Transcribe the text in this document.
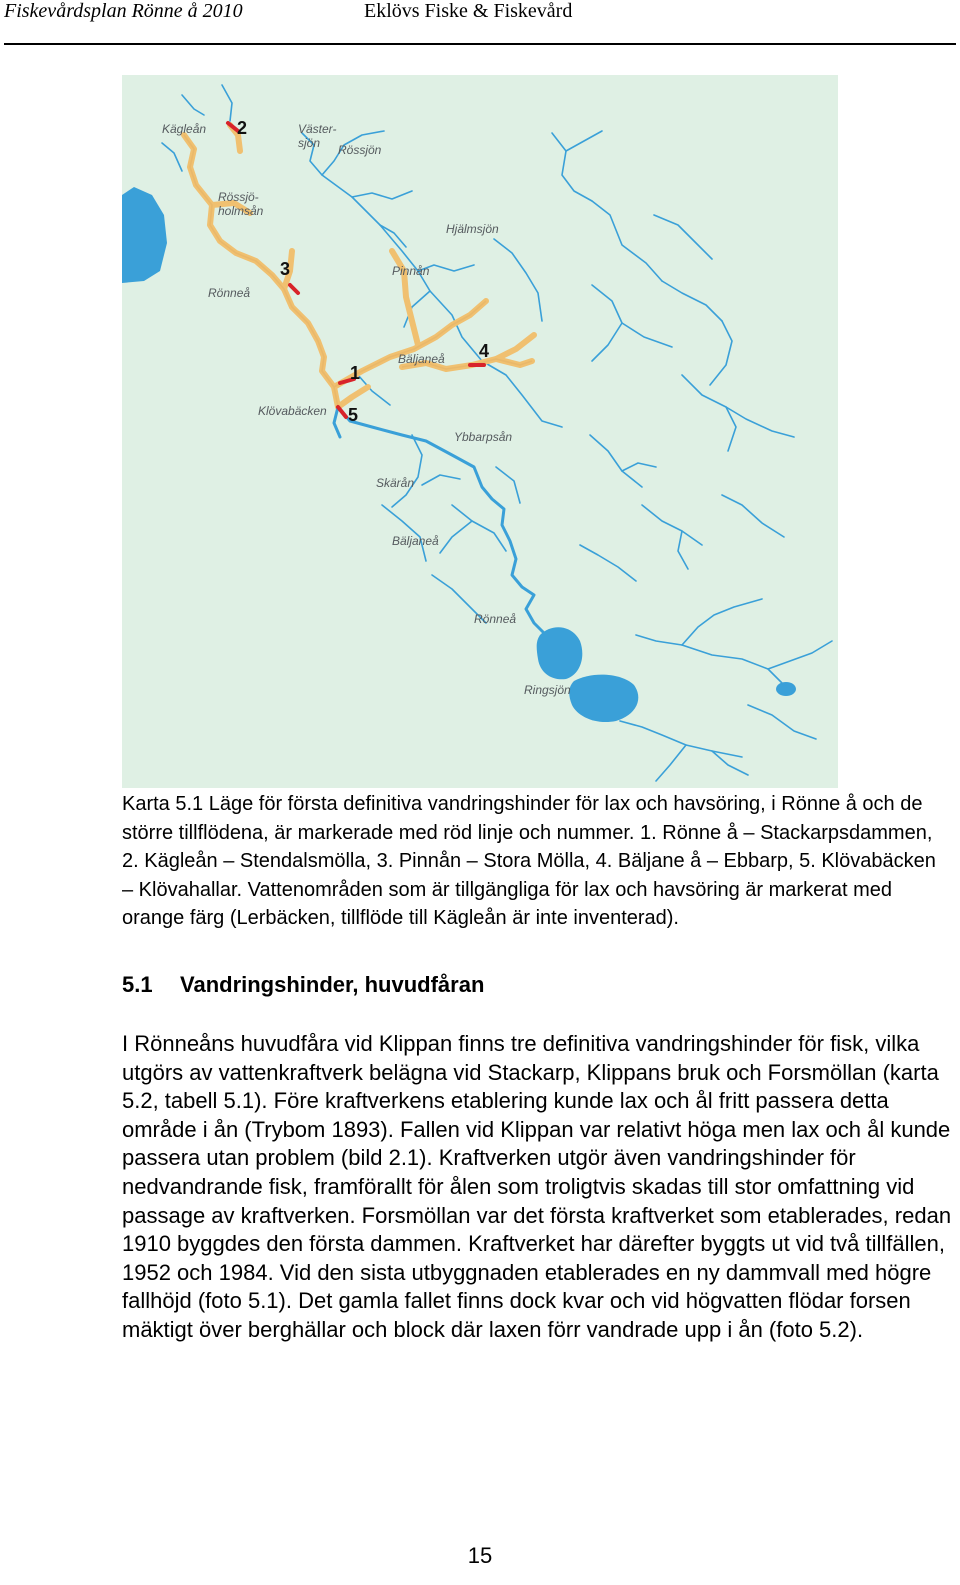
Fiskevårdsplan Rönne å 2010	Eklövs Fiske & Fiskevård
1
2
3
4
5
Kägleån	Väster-
sjön Rössjön
Rössjö-
holmsån
Hjälmsjön
Pinnån
Rönneå
Bäljaneå
Klövabäcken
Ybbarpsån
Skärån
Bäljaneå
Rönneå
Ringsjön
Karta 5.1 Läge för första definitiva vandringshinder för lax och havsöring, i Rönne å och de större tillflödena, är markerade med röd linje och nummer. 1. Rönne å – Stackarpsdammen, 2. Kägleån – Stendalsmölla, 3. Pinnån – Stora Mölla, 4. Bäljane å – Ebbarp, 5. Klövabäcken – Klövahallar. Vattenområden som är tillgängliga för lax och havsöring är markerat med orange färg (Lerbäcken, tillflöde till Kägleån är inte inventerad).
5.1 Vandringshinder, huvudfåran
I Rönneåns huvudfåra vid Klippan finns tre definitiva vandringshinder för fisk, vilka utgörs av vattenkraftverk belägna vid Stackarp, Klippans bruk och Forsmöllan (karta 5.2, tabell 5.1). Före kraftverkens etablering kunde lax och ål fritt passera detta område i ån (Trybom 1893). Fallen vid Klippan var relativt höga men lax och ål kunde passera utan problem (bild 2.1). Kraftverken utgör även vandringshinder för nedvandrande fisk, framförallt för ålen som troligtvis skadas till stor omfattning vid passage av kraftverken. Forsmöllan var det första kraftverket som etablerades, redan 1910 byggdes den första dammen. Kraftverket har därefter byggts ut vid två tillfällen, 1952 och 1984. Vid den sista utbyggnaden etablerades en ny dammvall med högre fallhöjd (foto 5.1). Det gamla fallet finns dock kvar och vid högvatten flödar forsen mäktigt över berghällar och block där laxen förr vandrade upp i ån (foto 5.2).
15
